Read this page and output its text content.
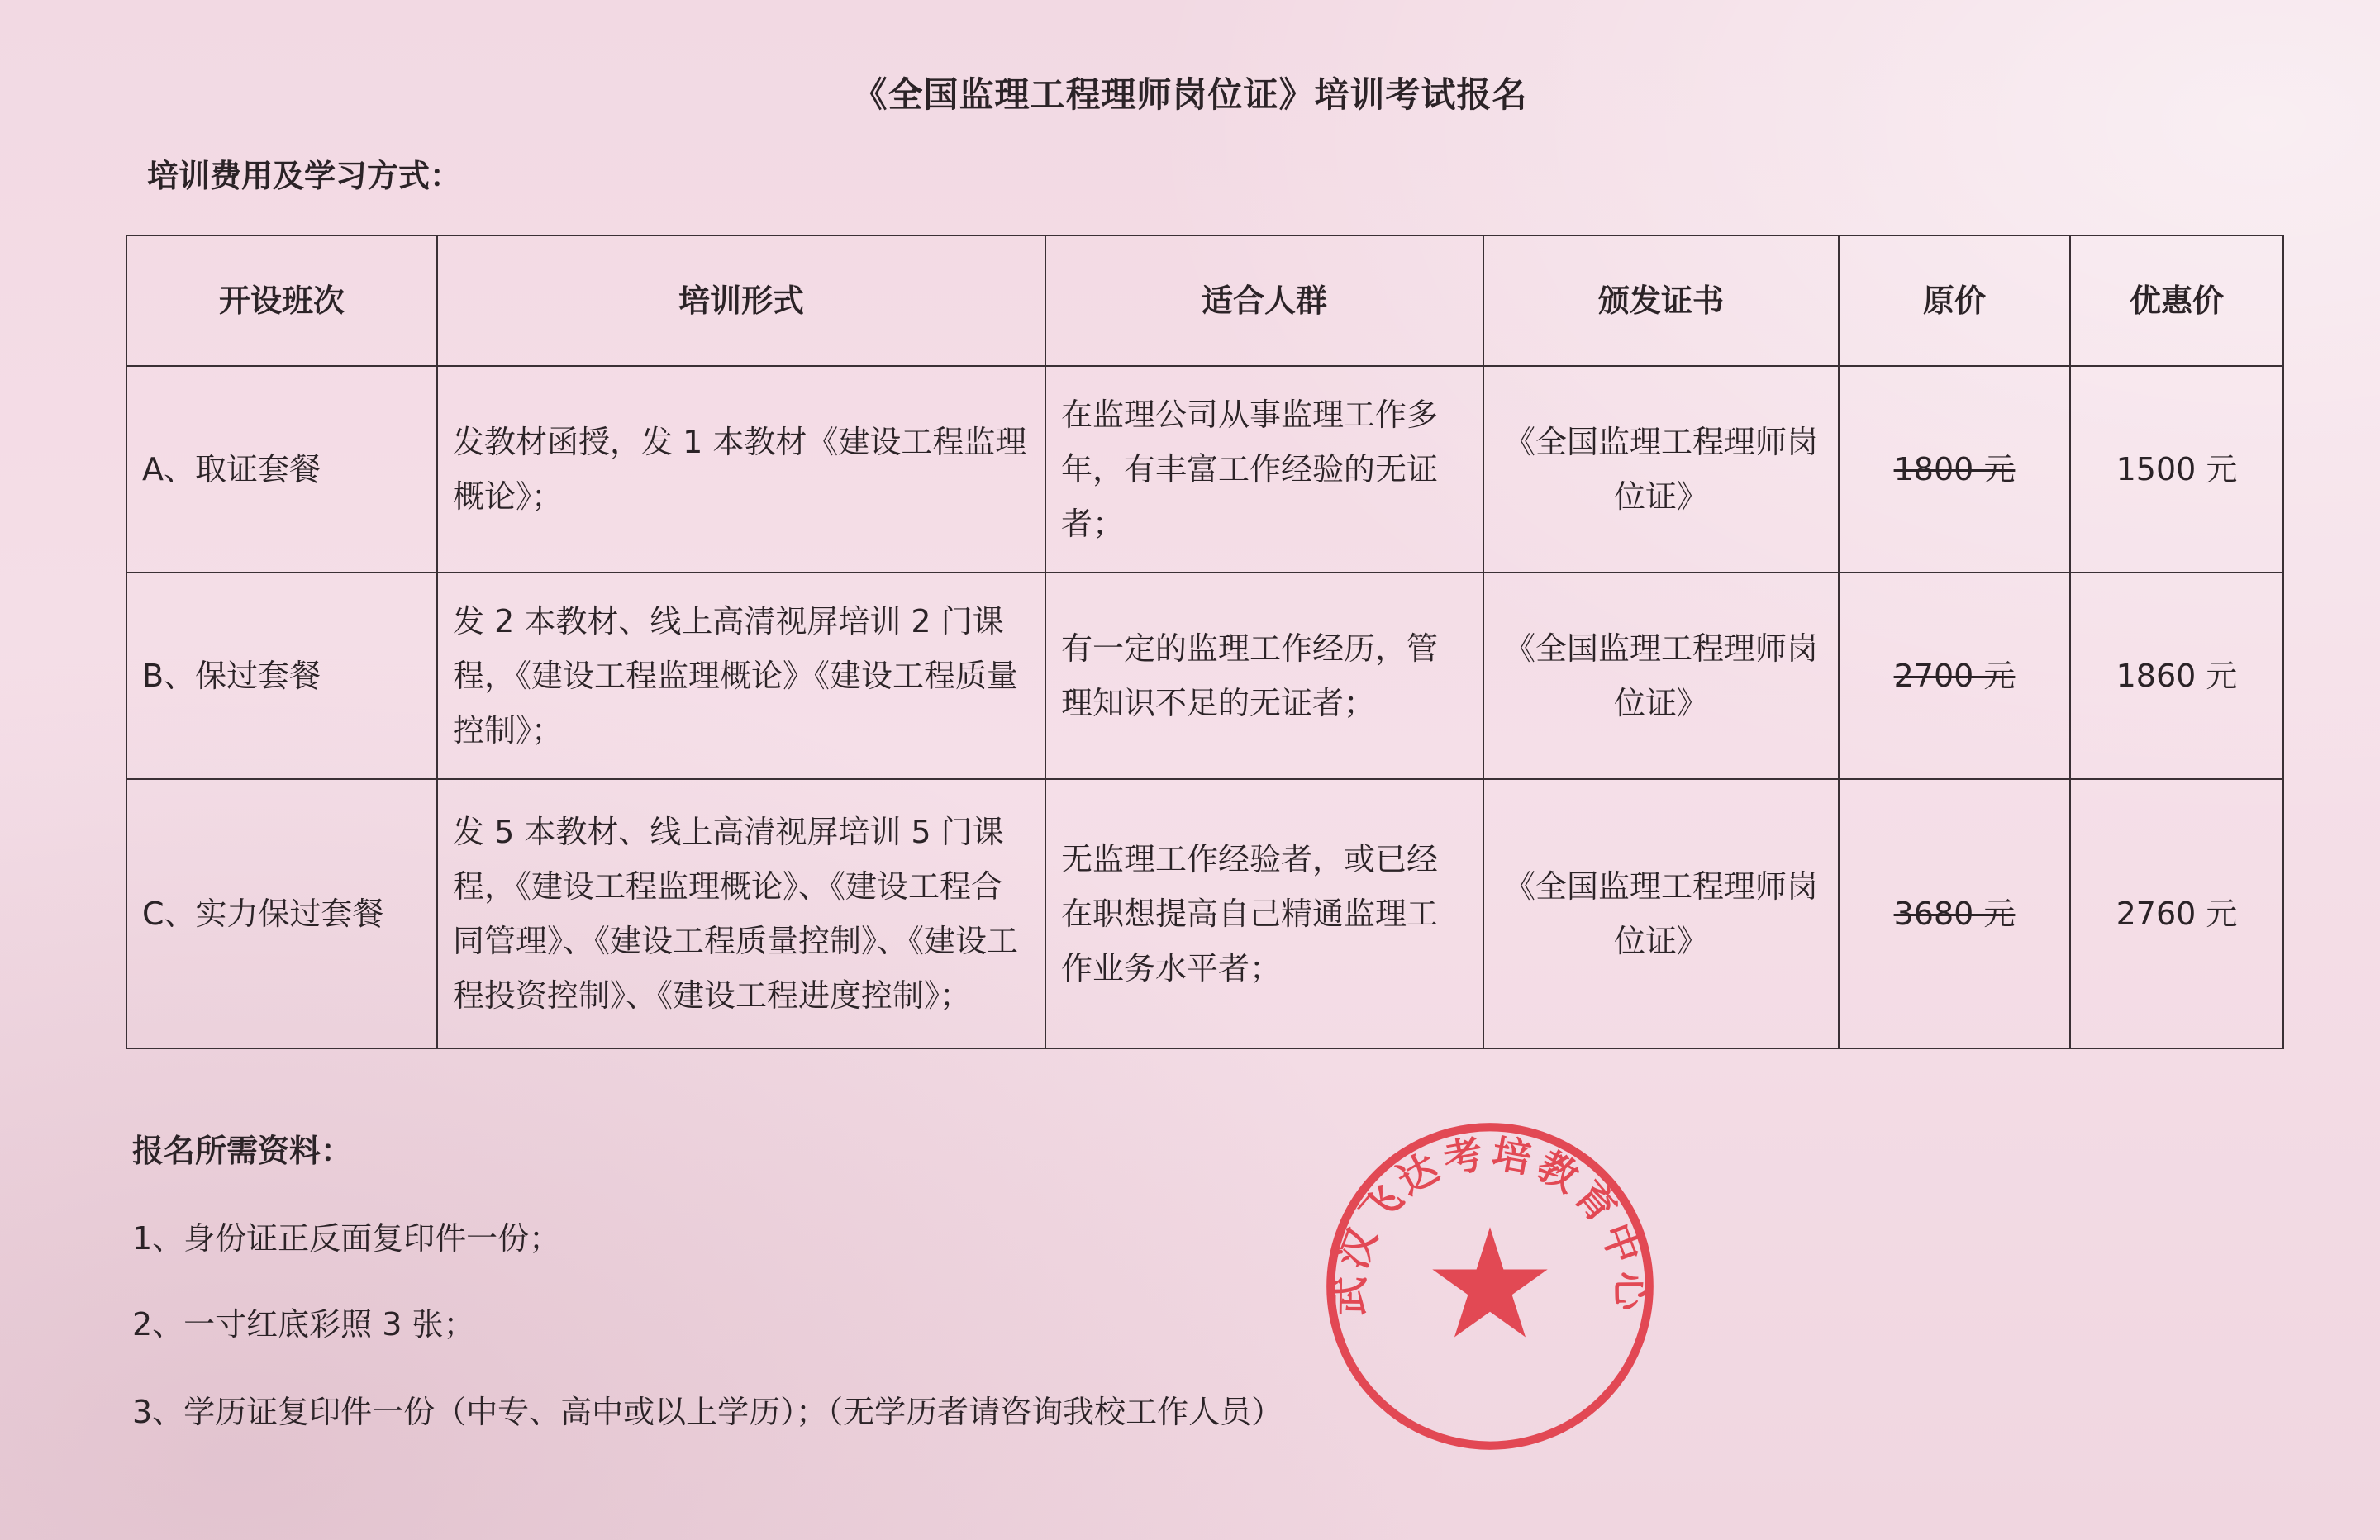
《全国监理工程理师岗位证》培训考试报名
培训费用及学习方式：
开设班次	培训形式	适合人群	颁发证书	原价	优惠价
A、取证套餐	发教材函授，发 1 本教材《建设工程监理概论》；	在监理公司从事监理工作多年，有丰富工作经验的无证者；	《全国监理工程理师岗位证》	1800 元	1500 元
B、保过套餐	发 2 本教材、线上高清视屏培训 2 门课程，《建设工程监理概论》《建设工程质量控制》；	有一定的监理工作经历，管理知识不足的无证者；	《全国监理工程理师岗位证》	2700 元	1860 元
C、实力保过套餐	发 5 本教材、线上高清视屏培训 5 门课程，《建设工程监理概论》、《建设工程合同管理》、《建设工程质量控制》、《建设工程投资控制》、《建设工程进度控制》；	无监理工作经验者，或已经在职想提高自己精通监理工作业务水平者；	《全国监理工程理师岗位证》	3680 元	2760 元
报名所需资料：
1、身份证正反面复印件一份；
2、一寸红底彩照 3 张；
3、学历证复印件一份（中专、高中或以上学历）；（无学历者请咨询我校工作人员）
武汉飞达考培教育中心
